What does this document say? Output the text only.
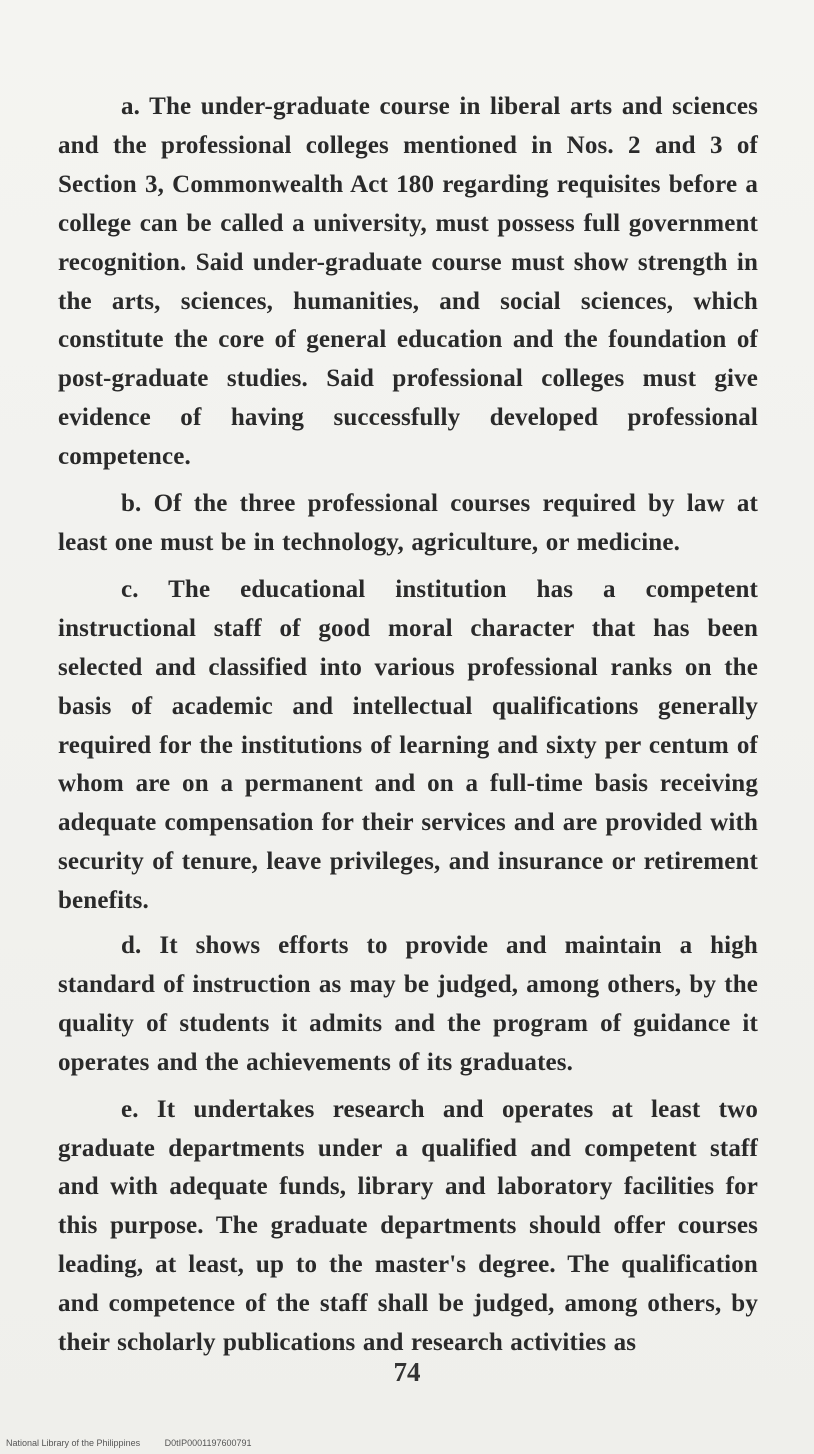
a. The under-graduate course in liberal arts and sciences and the professional colleges mentioned in Nos. 2 and 3 of Section 3, Commonwealth Act 180 regarding requisites before a college can be called a university, must possess full government recognition. Said under-graduate course must show strength in the arts, sciences, humanities, and social sciences, which constitute the core of general education and the foundation of post-graduate studies. Said professional colleges must give evidence of having successfully developed professional competence.

b. Of the three professional courses required by law at least one must be in technology, agriculture, or medicine.

c. The educational institution has a competent instructional staff of good moral character that has been selected and classified into various professional ranks on the basis of academic and intellectual qualifications generally required for the institutions of learning and sixty per centum of whom are on a permanent and on a full-time basis receiving adequate compensation for their services and are provided with security of tenure, leave privileges, and insurance or retirement benefits.

d. It shows efforts to provide and maintain a high standard of instruction as may be judged, among others, by the quality of students it admits and the program of guidance it operates and the achievements of its graduates.

e. It undertakes research and operates at least two graduate departments under a qualified and competent staff and with adequate funds, library and laboratory facilities for this purpose. The graduate departments should offer courses leading, at least, up to the master's degree. The qualification and competence of the staff shall be judged, among others, by their scholarly publications and research activities as

74
National Library of the Philippines	D0tIP0001197600791
